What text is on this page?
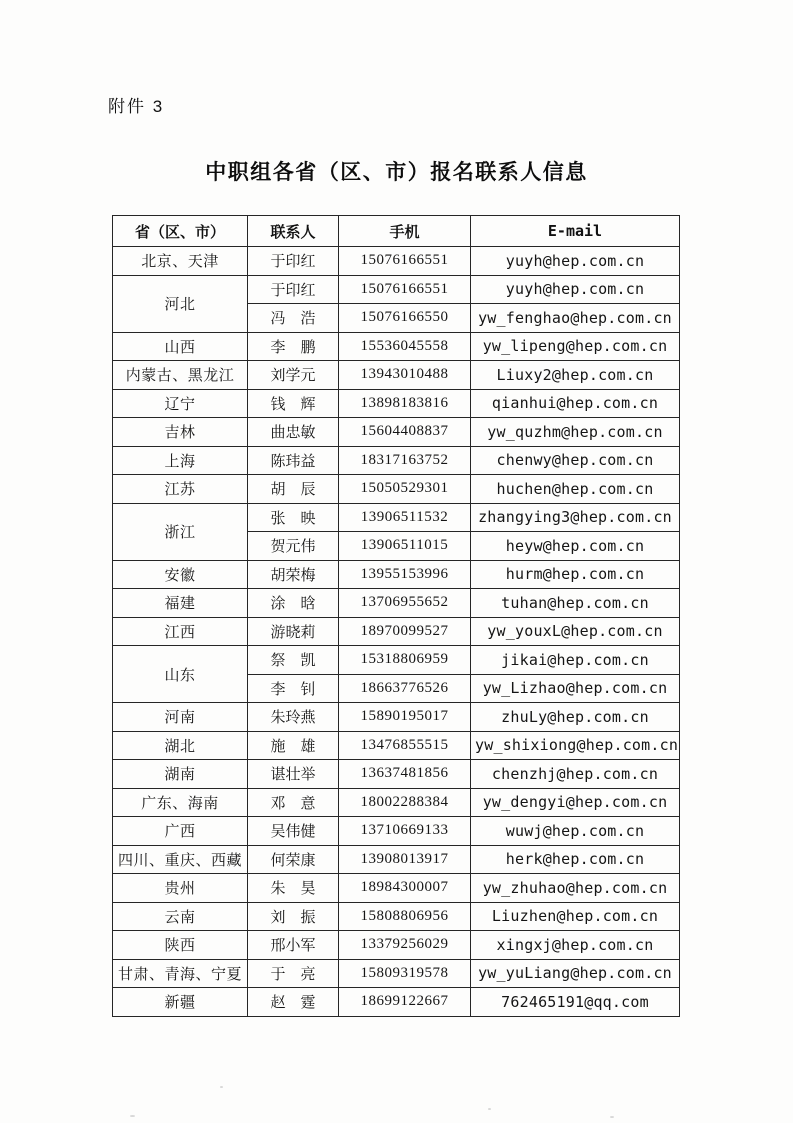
附件 3
中职组各省（区、市）报名联系人信息
省（区、市）	联系人	手机	E-mail
北京、天津	于印红	15076166551	yuyh@hep.com.cn
河北	于印红	15076166551	yuyh@hep.com.cn
	冯　浩	15076166550	yw_fenghao@hep.com.cn
山西	李　鹏	15536045558	yw_lipeng@hep.com.cn
内蒙古、黑龙江	刘学元	13943010488	Liuxy2@hep.com.cn
辽宁	钱　辉	13898183816	qianhui@hep.com.cn
吉林	曲忠敏	15604408837	yw_quzhm@hep.com.cn
上海	陈玮益	18317163752	chenwy@hep.com.cn
江苏	胡　辰	15050529301	huchen@hep.com.cn
浙江	张　映	13906511532	zhangying3@hep.com.cn
	贺元伟	13906511015	heyw@hep.com.cn
安徽	胡荣梅	13955153996	hurm@hep.com.cn
福建	涂　晗	13706955652	tuhan@hep.com.cn
江西	游晓莉	18970099527	yw_youxL@hep.com.cn
山东	祭　凯	15318806959	jikai@hep.com.cn
	李　钊	18663776526	yw_Lizhao@hep.com.cn
河南	朱玲燕	15890195017	zhuLy@hep.com.cn
湖北	施　雄	13476855515	yw_shixiong@hep.com.cn
湖南	谌壮举	13637481856	chenzhj@hep.com.cn
广东、海南	邓　意	18002288384	yw_dengyi@hep.com.cn
广西	吴伟健	13710669133	wuwj@hep.com.cn
四川、重庆、西藏	何荣康	13908013917	herk@hep.com.cn
贵州	朱　昊	18984300007	yw_zhuhao@hep.com.cn
云南	刘　振	15808806956	Liuzhen@hep.com.cn
陕西	邢小军	13379256029	xingxj@hep.com.cn
甘肃、青海、宁夏	于　亮	15809319578	yw_yuLiang@hep.com.cn
新疆	赵　霆	18699122667	762465191@qq.com
